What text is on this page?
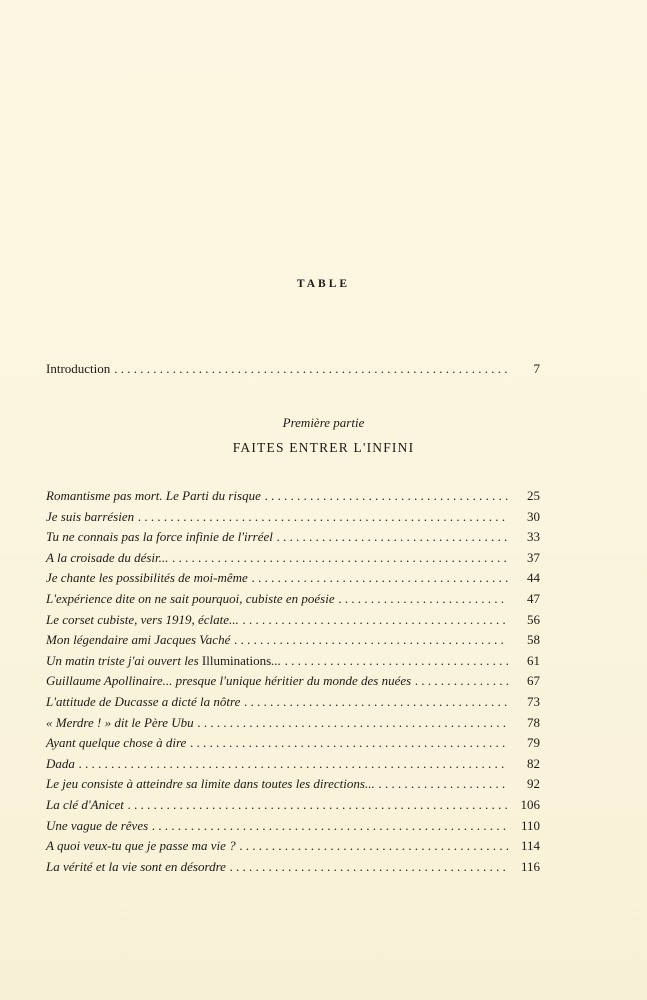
TABLE
Introduction . . .	7
Première partie
FAITES ENTRER L'INFINI
Romantisme pas mort. Le Parti du risque . . .	25
Je suis barrésien . . .	30
Tu ne connais pas la force infinie de l'irréel . . .	33
A la croisade du désir... . . .	37
Je chante les possibilités de moi-même . . .	44
L'expérience dite on ne sait pourquoi, cubiste en poésie . . .	47
Le corset cubiste, vers 1919, éclate... . . .	56
Mon légendaire ami Jacques Vaché . . .	58
Un matin triste j'ai ouvert les Illuminations... . . .	61
Guillaume Apollinaire... presque l'unique héritier du monde des nuées . . .	67
L'attitude de Ducasse a dicté la nôtre . . .	73
« Merdre ! » dit le Père Ubu . . .	78
Ayant quelque chose à dire . . .	79
Dada . . .	82
Le jeu consiste à atteindre sa limite dans toutes les directions... . . .	92
La clé d'Anicet . . .	106
Une vague de rêves . . .	110
A quoi veux-tu que je passe ma vie ? . . .	114
La vérité et la vie sont en désordre . . .	116
